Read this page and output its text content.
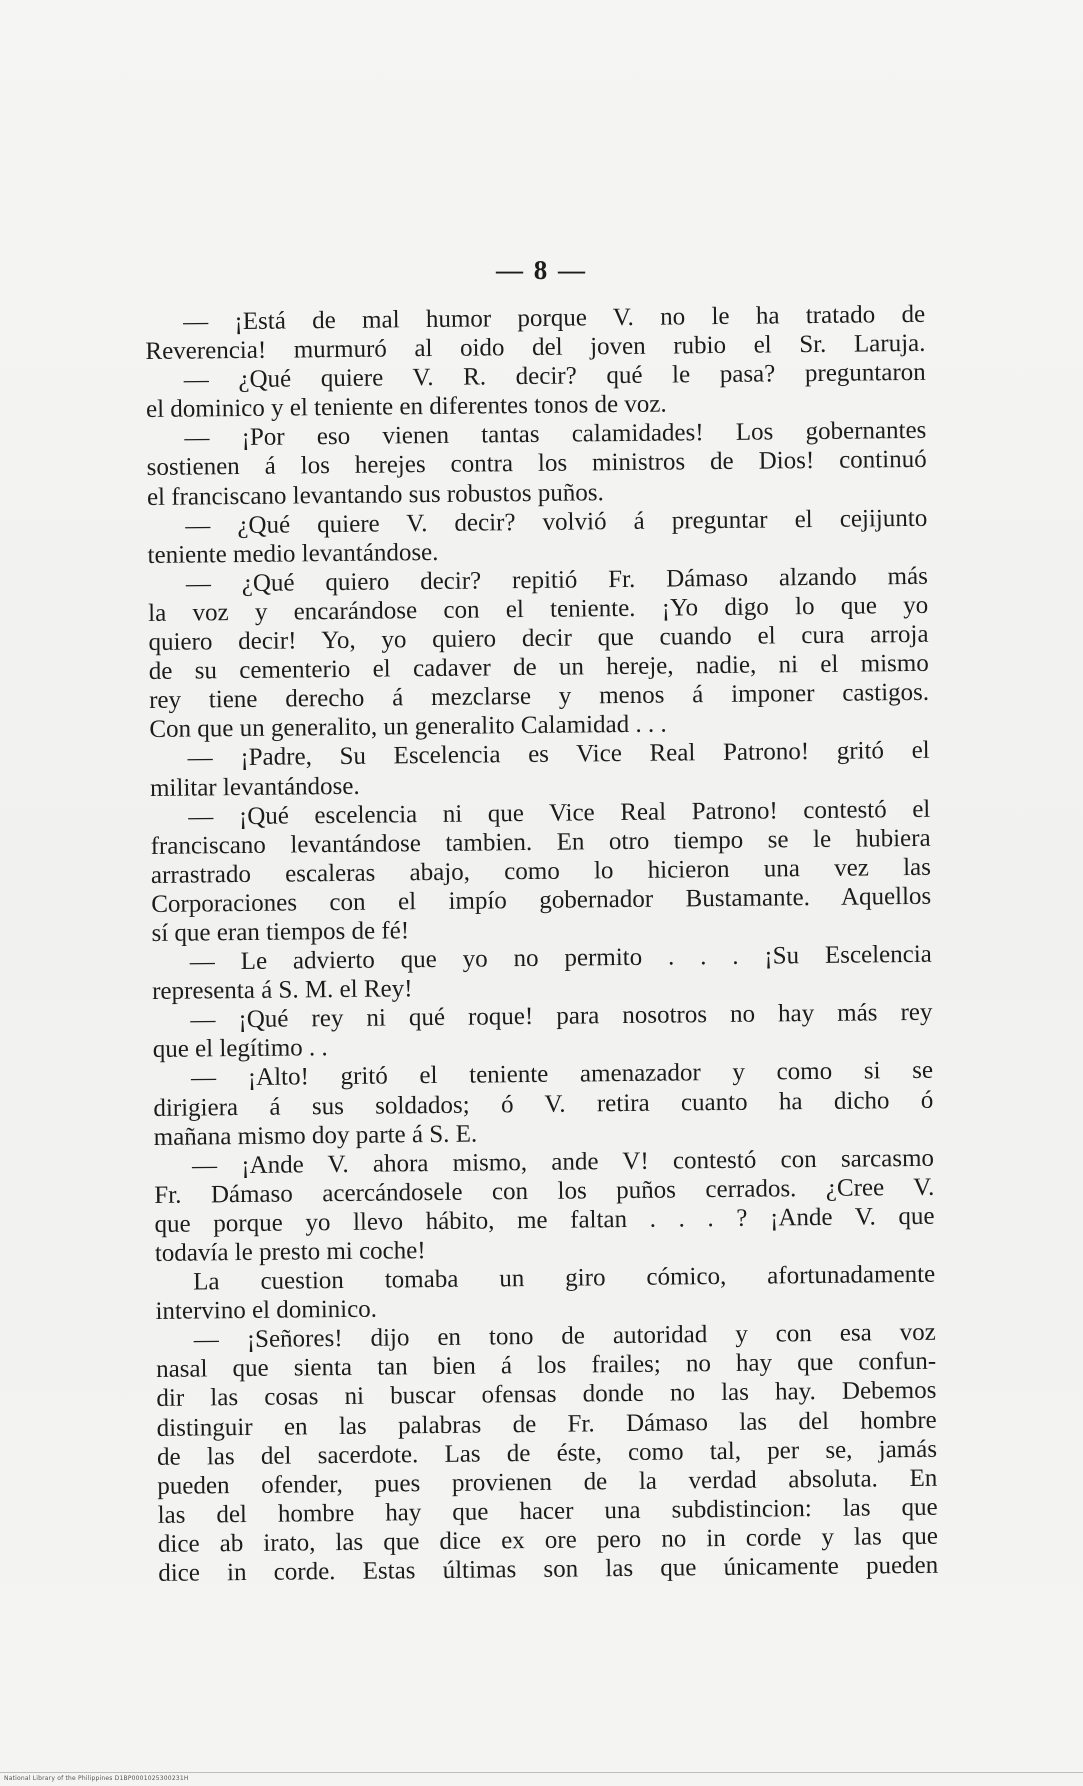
— 8 —
— ¡Está de mal humor porque V. no le ha tratado de
Reverencia! murmuró al oido del joven rubio el Sr. Laruja.
— ¿Qué quiere V. R. decir? qué le pasa? preguntaron
el dominico y el teniente en diferentes tonos de voz.
— ¡Por eso vienen tantas calamidades! Los gobernantes
sostienen á los herejes contra los ministros de Dios! continuó
el franciscano levantando sus robustos puños.
— ¿Qué quiere V. decir? volvió á preguntar el cejijunto
teniente medio levantándose.
— ¿Qué quiero decir? repitió Fr. Dámaso alzando más
la voz y encarándose con el teniente. ¡Yo digo lo que yo
quiero decir! Yo, yo quiero decir que cuando el cura arroja
de su cementerio el cadaver de un hereje, nadie, ni el mismo
rey tiene derecho á mezclarse y menos á imponer castigos.
Con que un generalito, un generalito Calamidad . . .
— ¡Padre, Su Escelencia es Vice Real Patrono! gritó el
militar levantándose.
— ¡Qué escelencia ni que Vice Real Patrono! contestó el
franciscano levantándose tambien. En otro tiempo se le hubiera
arrastrado escaleras abajo, como lo hicieron una vez las
Corporaciones con el impío gobernador Bustamante. Aquellos
sí que eran tiempos de fé!
— Le advierto que yo no permito . . . ¡Su Escelencia
representa á S. M. el Rey!
— ¡Qué rey ni qué roque! para nosotros no hay más rey
que el legítimo . .
— ¡Alto! gritó el teniente amenazador y como si se
dirigiera á sus soldados; ó V. retira cuanto ha dicho ó
mañana mismo doy parte á S. E.
— ¡Ande V. ahora mismo, ande V! contestó con sarcasmo
Fr. Dámaso acercándosele con los puños cerrados. ¿Cree V.
que porque yo llevo hábito, me faltan . . . ? ¡Ande V. que
todavía le presto mi coche!
La cuestion tomaba un giro cómico, afortunadamente
intervino el dominico.
— ¡Señores! dijo en tono de autoridad y con esa voz
nasal que sienta tan bien á los frailes; no hay que confun-
dir las cosas ni buscar ofensas donde no las hay. Debemos
distinguir en las palabras de Fr. Dámaso las del hombre
de las del sacerdote. Las de éste, como tal, per se, jamás
pueden ofender, pues provienen de la verdad absoluta. En
las del hombre hay que hacer una subdistincion: las que
dice ab irato, las que dice ex ore pero no in corde y las que
dice in corde. Estas últimas son las que únicamente pueden
National Library of the Philippines D1BP0001025300231H
